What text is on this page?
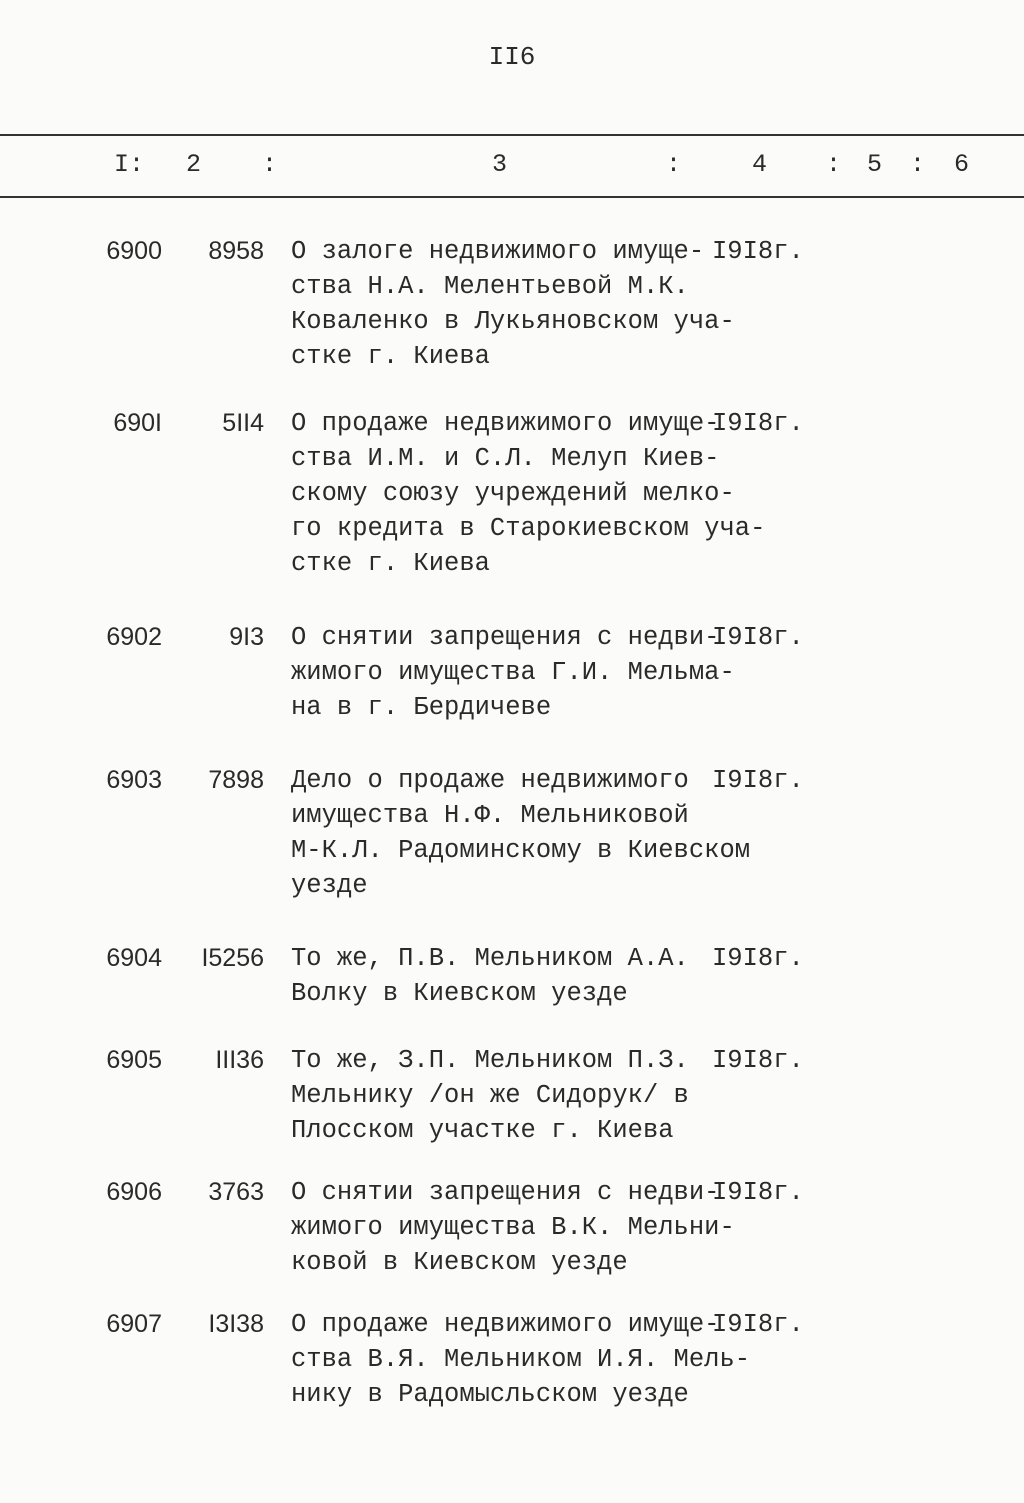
II6
I: 2 :	3	:	4 : 5 : 6
6900 8958 О залоге недвижимого имуще-
ства Н.А. Мелентьевой М.К.
Коваленко в Лукьяновском уча-
стке г. Киева
I9I8г.
690I 5II4 О продаже недвижимого имуще-
ства И.М. и С.Л. Мелуп Киев-
скому союзу учреждений мелко-
го кредита в Старокиевском уча-
стке г. Киева
I9I8г.
6902	9I3 О снятии запрещения с недви-
жимого имущества Г.И. Мельма-
на в г. Бердичеве
I9I8г.
6903 7898 Дело о продаже недвижимого
имущества Н.Ф. Мельниковой
М-К.Л. Радоминскому в Киевском
уезде
I9I8г.
6904 I5256 То же, П.В. Мельником А.А.
Волку в Киевском уезде
I9I8г.
6905 III36 То же, З.П. Мельником П.З.
Мельнику /он же Сидорук/ в
Плосском участке г. Киева
I9I8г.
6906 3763 О снятии запрещения с недви-
жимого имущества В.К. Мельни-
ковой в Киевском уезде
I9I8г.
6907 I3I38 О продаже недвижимого имуще-
ства В.Я. Мельником И.Я. Мель-
нику в Радомысльском уезде
I9I8г.
